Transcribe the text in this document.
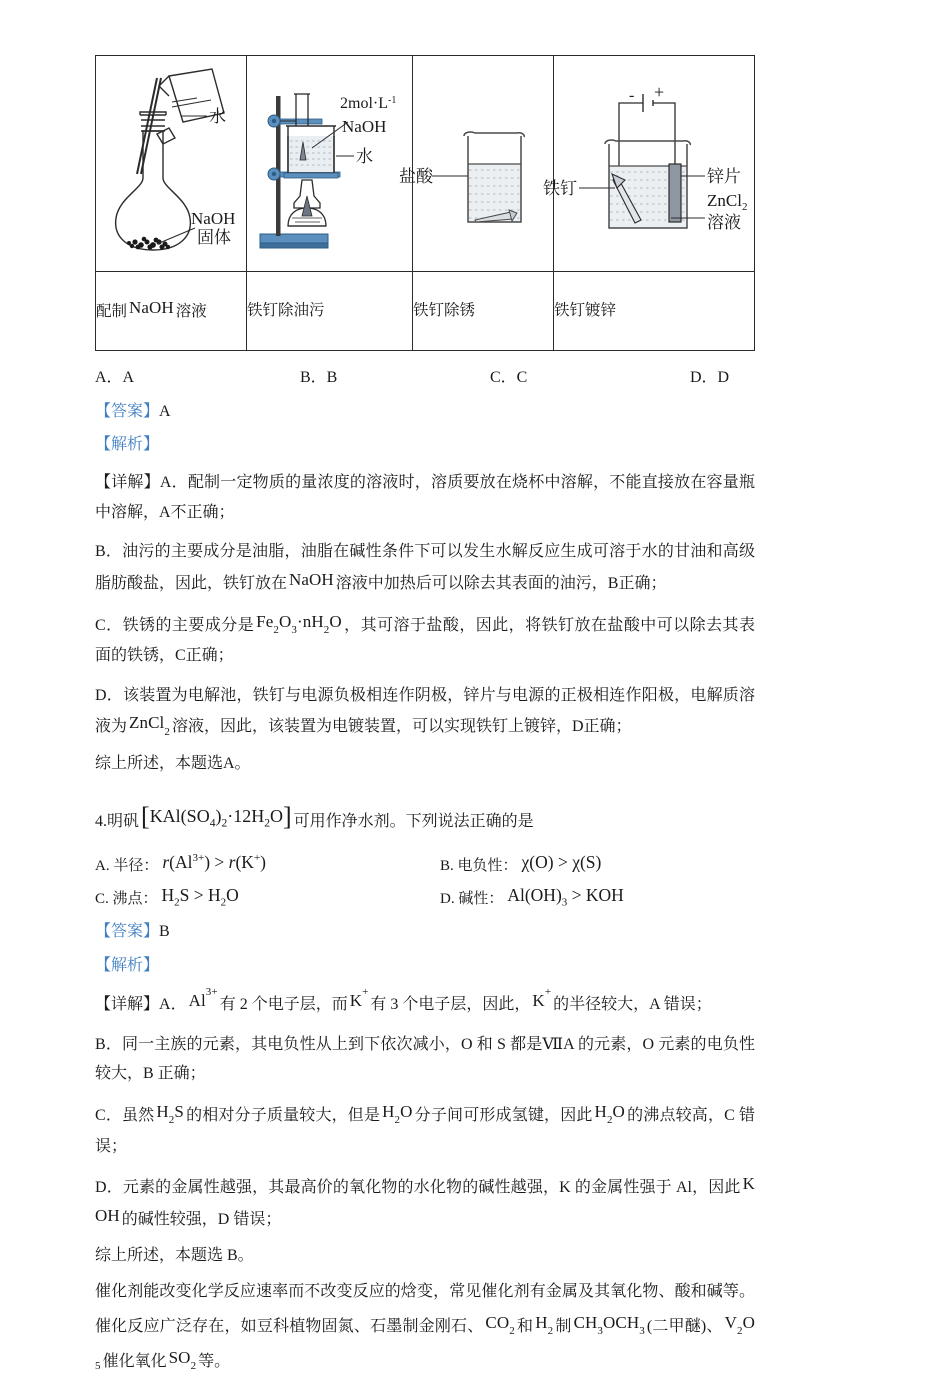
水
NaOH
固体

$2mol\cdot L^{-1}$
NaOH
水

盐酸

- +
铁钉
锌片
ZnCl$_2$
溶液

配制 NaOH 溶液	铁钉除油污	铁钉除锈	铁钉镀锌
A．A	B．B	C．C	D．D
【答案】A
【解析】
【详解】A．配制一定物质的量浓度的溶液时，溶质要放在烧杯中溶解，不能直接放在容量瓶中溶解，A不正确；
B．油污的主要成分是油脂，油脂在碱性条件下可以发生水解反应生成可溶于水的甘油和高级脂肪酸盐，因此，铁钉放在 NaOH 溶液中加热后可以除去其表面的油污，B正确；
C．铁锈的主要成分是 $Fe_2O_3\cdot nH_2O$ ，其可溶于盐酸，因此，将铁钉放在盐酸中可以除去其表面的铁锈，C正确；
D．该装置为电解池，铁钉与电源负极相连作阴极，锌片与电源的正极相连作阳极，电解质溶液为 ZnCl$_2$ 溶液，因此，该装置为电镀装置，可以实现铁钉上镀锌，D正确；
综上所述，本题选A。
4.明矾$[KAl(SO_4)_2\cdot 12H_2O]$ 可用作净水剂。下列说法正确的是
A. 半径： $r(Al^{3+}) > r(K^+)$	B. 电负性： χ(O) > χ(S)
C. 沸点： $H_2S > H_2O$	D. 碱性： $Al(OH)_3$ > KOH
【答案】B
【解析】
【详解】A． $Al^{3+}$有 2 个电子层，而 K+有 3 个电子层，因此， K+的半径较大，A 错误；
B．同一主族的元素，其电负性从上到下依次减小，O 和 S 都是ⅦA 的元素，O 元素的电负性较大，B 正确；
C．虽然 $H_2S$ 的相对分子质量较大，但是 $H_2O$ 分子间可形成氢键，因此 $H_2O$ 的沸点较高，C 错误；
D．元素的金属性越强，其最高价的氧化物的水化物的碱性越强，K 的金属性强于 Al，因此 KOH 的碱性较强，D 错误；
综上所述，本题选 B。
催化剂能改变化学反应速率而不改变反应的焓变，常见催化剂有金属及其氧化物、酸和碱等。催化反应广泛存在，如豆科植物固氮、石墨制金刚石、 $CO_2$ 和 $H_2$ 制 $CH_3OCH_3$ (二甲醚)、 $V_2O_5$ 催化氧化 $SO_2$ 等。
